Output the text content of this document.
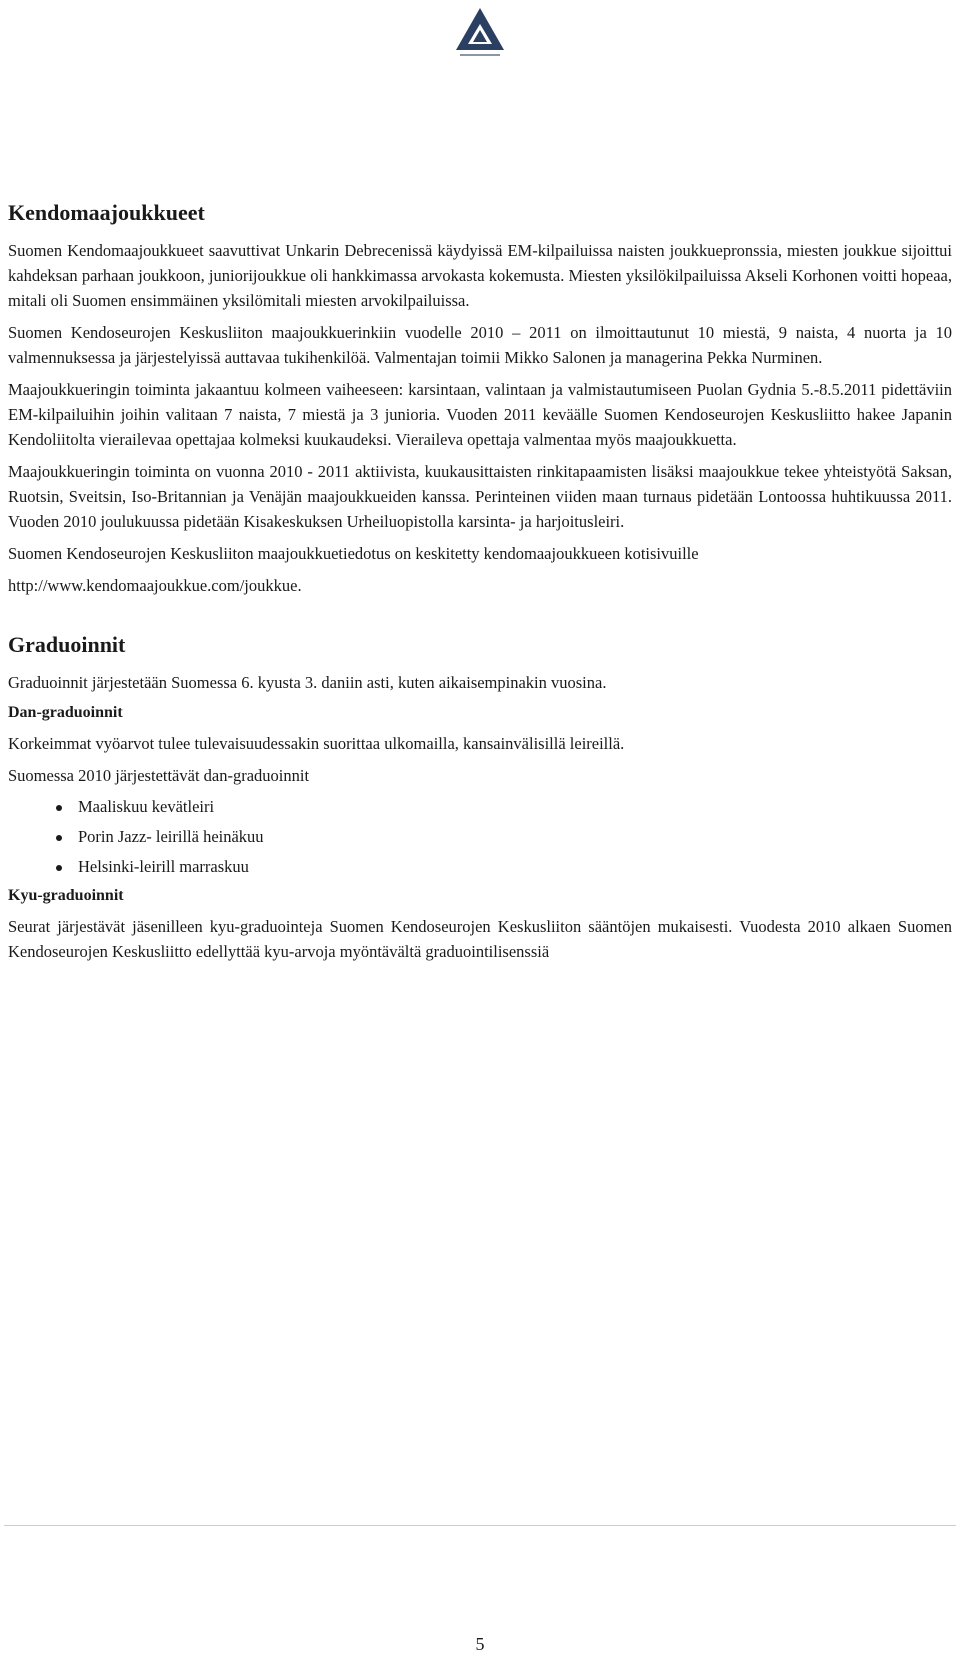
Kendomaajoukkueet

Suomen Kendomaajoukkueet saavuttivat Unkarin Debrecenissä käydyissä EM-kilpailuissa naisten joukkuepronssia, miesten joukkue sijoittui kahdeksan parhaan joukkoon, juniorijoukkue oli hankkimassa arvokasta kokemusta. Miesten yksilökilpailuissa Akseli Korhonen voitti hopeaa, mitali oli Suomen ensimmäinen yksilömitali miesten arvokilpailuissa.

Suomen Kendoseurojen Keskusliiton maajoukkuerinkiin vuodelle 2010 – 2011 on ilmoittautunut 10 miestä, 9 naista, 4 nuorta ja 10 valmennuksessa ja järjestelyissä auttavaa tukihenkilöä. Valmentajan toimii Mikko Salonen ja managerina Pekka Nurminen.

Maajoukkueringin toiminta jakaantuu kolmeen vaiheeseen: karsintaan, valintaan ja valmistautumiseen Puolan Gydnia 5.-8.5.2011 pidettäviin EM-kilpailuihin joihin valitaan 7 naista, 7 miestä ja 3 junioria. Vuoden 2011 keväälle Suomen Kendoseurojen Keskusliitto hakee Japanin Kendoliitolta vierailevaa opettajaa kolmeksi kuukaudeksi. Vieraileva opettaja valmentaa myös maajoukkuetta.

Maajoukkueringin toiminta on vuonna 2010 - 2011 aktiivista, kuukausittaisten rinkitapaamisten lisäksi maajoukkue tekee yhteistyötä Saksan, Ruotsin, Sveitsin, Iso-Britannian ja Venäjän maajoukkueiden kanssa. Perinteinen viiden maan turnaus pidetään Lontoossa huhtikuussa 2011. Vuoden 2010 joulukuussa pidetään Kisakeskuksen Urheiluopistolla karsinta- ja harjoitusleiri.

Suomen Kendoseurojen Keskusliiton maajoukkuetiedotus on keskitetty kendomaajoukkueen kotisivuille

http://www.kendomaajoukkue.com/joukkue.

Graduoinnit

Graduoinnit järjestetään Suomessa 6. kyusta 3. daniin asti, kuten aikaisempinakin vuosina.

Dan-graduoinnit

Korkeimmat vyöarvot tulee tulevaisuudessakin suorittaa ulkomailla, kansainvälisillä leireillä.

Suomessa 2010 järjestettävät dan-graduoinnit

Maaliskuu kevätleiri
Porin Jazz- leirillä heinäkuu
Helsinki-leirill marraskuu
Kyu-graduoinnit

Seurat järjestävät jäsenilleen kyu-graduointeja Suomen Kendoseurojen Keskusliiton sääntöjen mukaisesti. Vuodesta 2010 alkaen Suomen Kendoseurojen Keskusliitto edellyttää kyu-arvoja myöntävältä graduointilisenssiä

5
